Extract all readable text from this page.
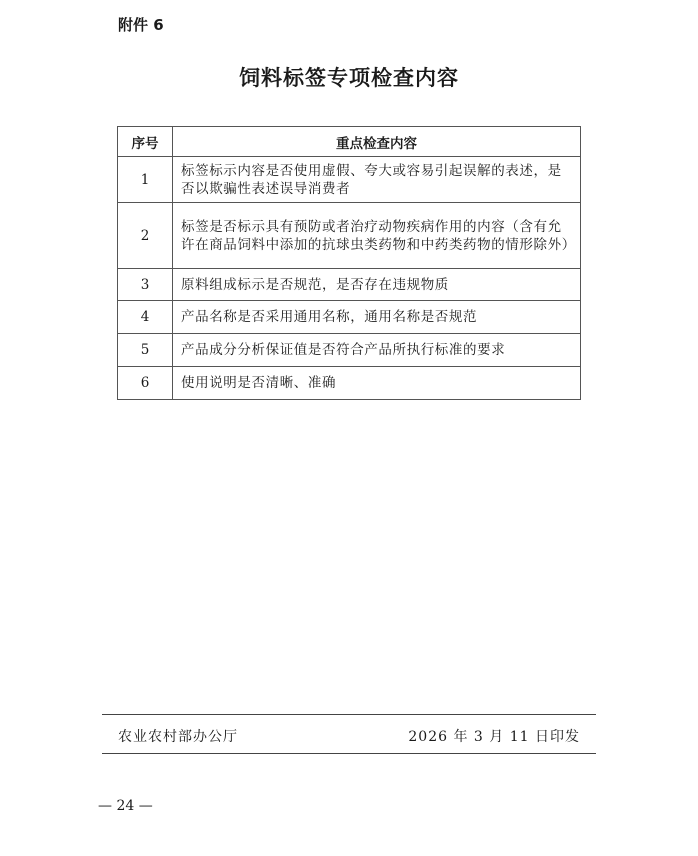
附件 6
饲料标签专项检查内容
序号	重点检查内容
1	标签标示内容是否使用虚假、夸大或容易引起误解的表述，是否以欺骗性表述误导消费者
2	标签是否标示具有预防或者治疗动物疾病作用的内容（含有允许在商品饲料中添加的抗球虫类药物和中药类药物的情形除外）
3	原料组成标示是否规范，是否存在违规物质
4	产品名称是否采用通用名称，通用名称是否规范
5	产品成分分析保证值是否符合产品所执行标准的要求
6	使用说明是否清晰、准确
农业农村部办公厅	2026 年 3 月 11 日印发
— 24 —
